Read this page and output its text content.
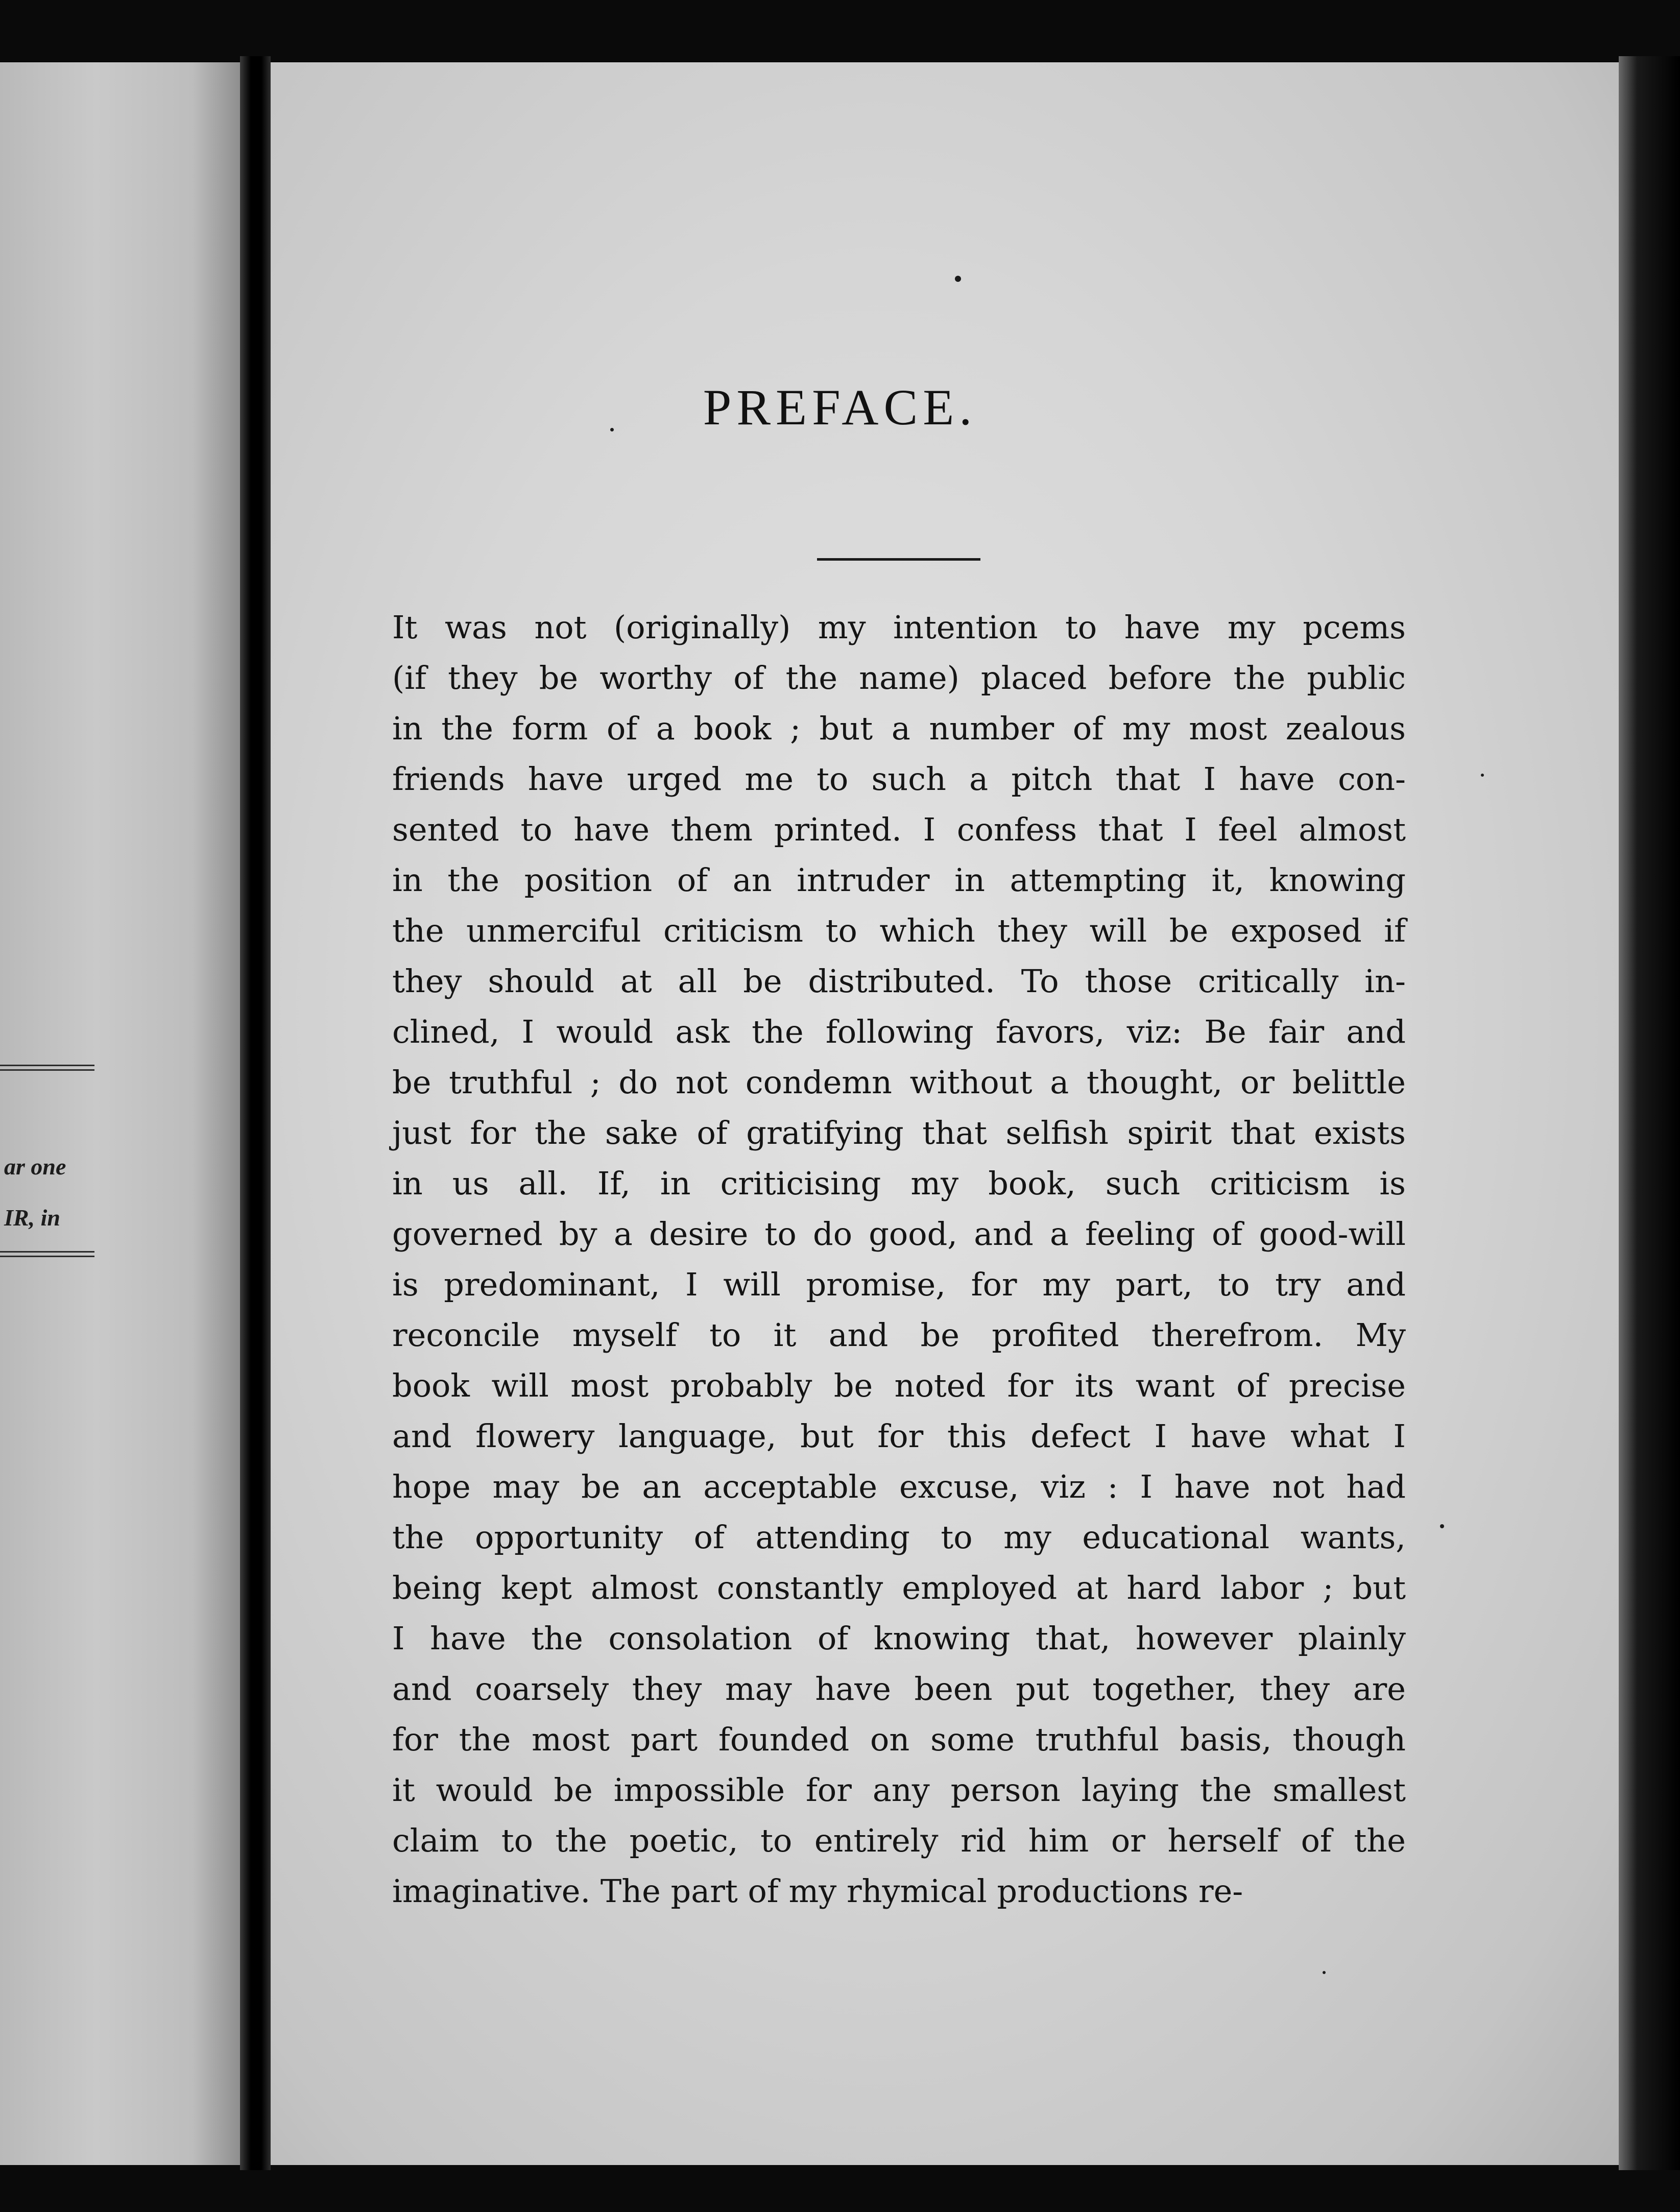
ar one
IR, in
PREFACE.
It was not (originally) my intention to have my pcems
(if they be worthy of the name) placed before the public
in the form of a book ; but a number of my most zealous
friends have urged me to such a pitch that I have con-
sented to have them printed. I confess that I feel almost
in the position of an intruder in attempting it, knowing
the unmerciful criticism to which they will be exposed if
they should at all be distributed. To those critically in-
clined, I would ask the following favors, viz: Be fair and
be truthful ; do not condemn without a thought, or belittle
just for the sake of gratifying that selfish spirit that exists
in us all. If, in criticising my book, such criticism is
governed by a desire to do good, and a feeling of good-will
is predominant, I will promise, for my part, to try and
reconcile myself to it and be profited therefrom. My
book will most probably be noted for its want of precise
and flowery language, but for this defect I have what I
hope may be an acceptable excuse, viz : I have not had
the opportunity of attending to my educational wants,
being kept almost constantly employed at hard labor ; but
I have the consolation of knowing that, however plainly
and coarsely they may have been put together, they are
for the most part founded on some truthful basis, though
it would be impossible for any person laying the smallest
claim to the poetic, to entirely rid him or herself of the
imaginative. The part of my rhymical productions re-
